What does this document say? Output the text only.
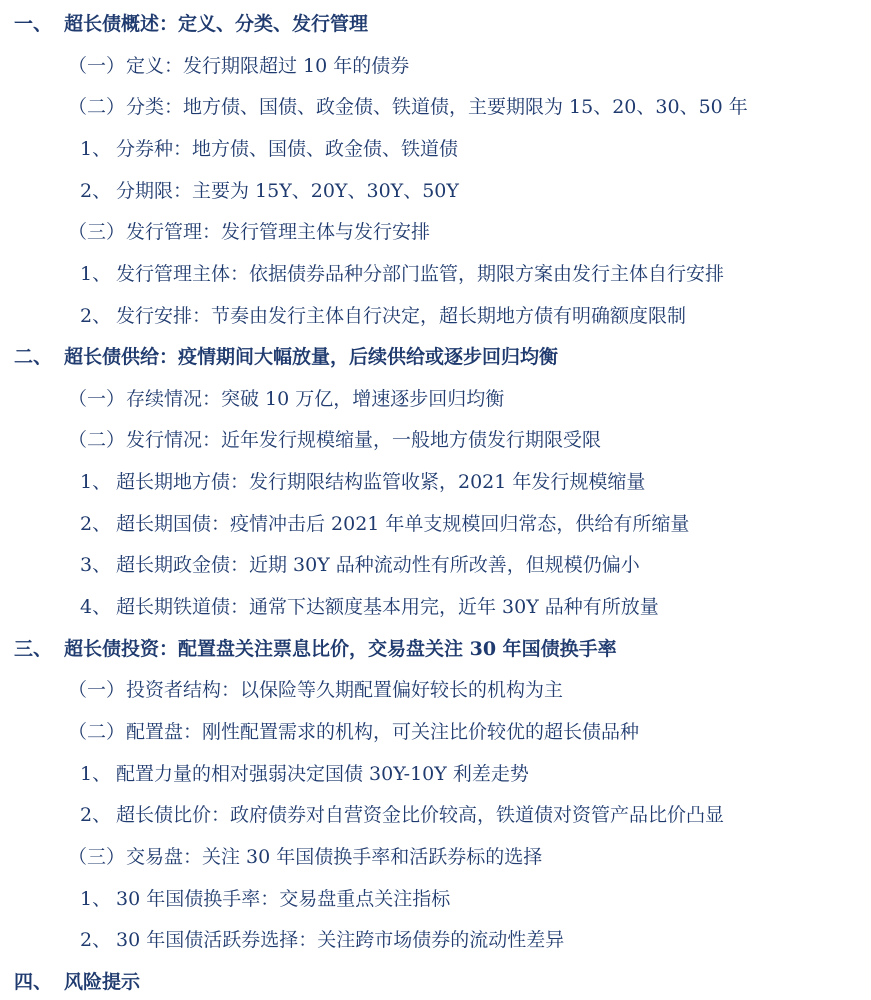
一、 超长债概述：定义、分类、发行管理
（一）定义：发行期限超过 10 年的债券
（二）分类：地方债、国债、政金债、铁道债，主要期限为 15、20、30、50 年
1、 分券种：地方债、国债、政金债、铁道债
2、 分期限：主要为 15Y、20Y、30Y、50Y
（三）发行管理：发行管理主体与发行安排
1、 发行管理主体：依据债券品种分部门监管，期限方案由发行主体自行安排
2、 发行安排：节奏由发行主体自行决定，超长期地方债有明确额度限制
二、 超长债供给：疫情期间大幅放量，后续供给或逐步回归均衡
（一）存续情况：突破 10 万亿，增速逐步回归均衡
（二）发行情况：近年发行规模缩量，一般地方债发行期限受限
1、 超长期地方债：发行期限结构监管收紧，2021 年发行规模缩量
2、 超长期国债：疫情冲击后 2021 年单支规模回归常态，供给有所缩量
3、 超长期政金债：近期 30Y 品种流动性有所改善，但规模仍偏小
4、 超长期铁道债：通常下达额度基本用完，近年 30Y 品种有所放量
三、 超长债投资：配置盘关注票息比价，交易盘关注 30 年国债换手率
（一）投资者结构：以保险等久期配置偏好较长的机构为主
（二）配置盘：刚性配置需求的机构，可关注比价较优的超长债品种
1、 配置力量的相对强弱决定国债 30Y-10Y 利差走势
2、 超长债比价：政府债券对自营资金比价较高，铁道债对资管产品比价凸显
（三）交易盘：关注 30 年国债换手率和活跃券标的选择
1、 30 年国债换手率：交易盘重点关注指标
2、 30 年国债活跃券选择：关注跨市场债券的流动性差异
四、 风险提示
